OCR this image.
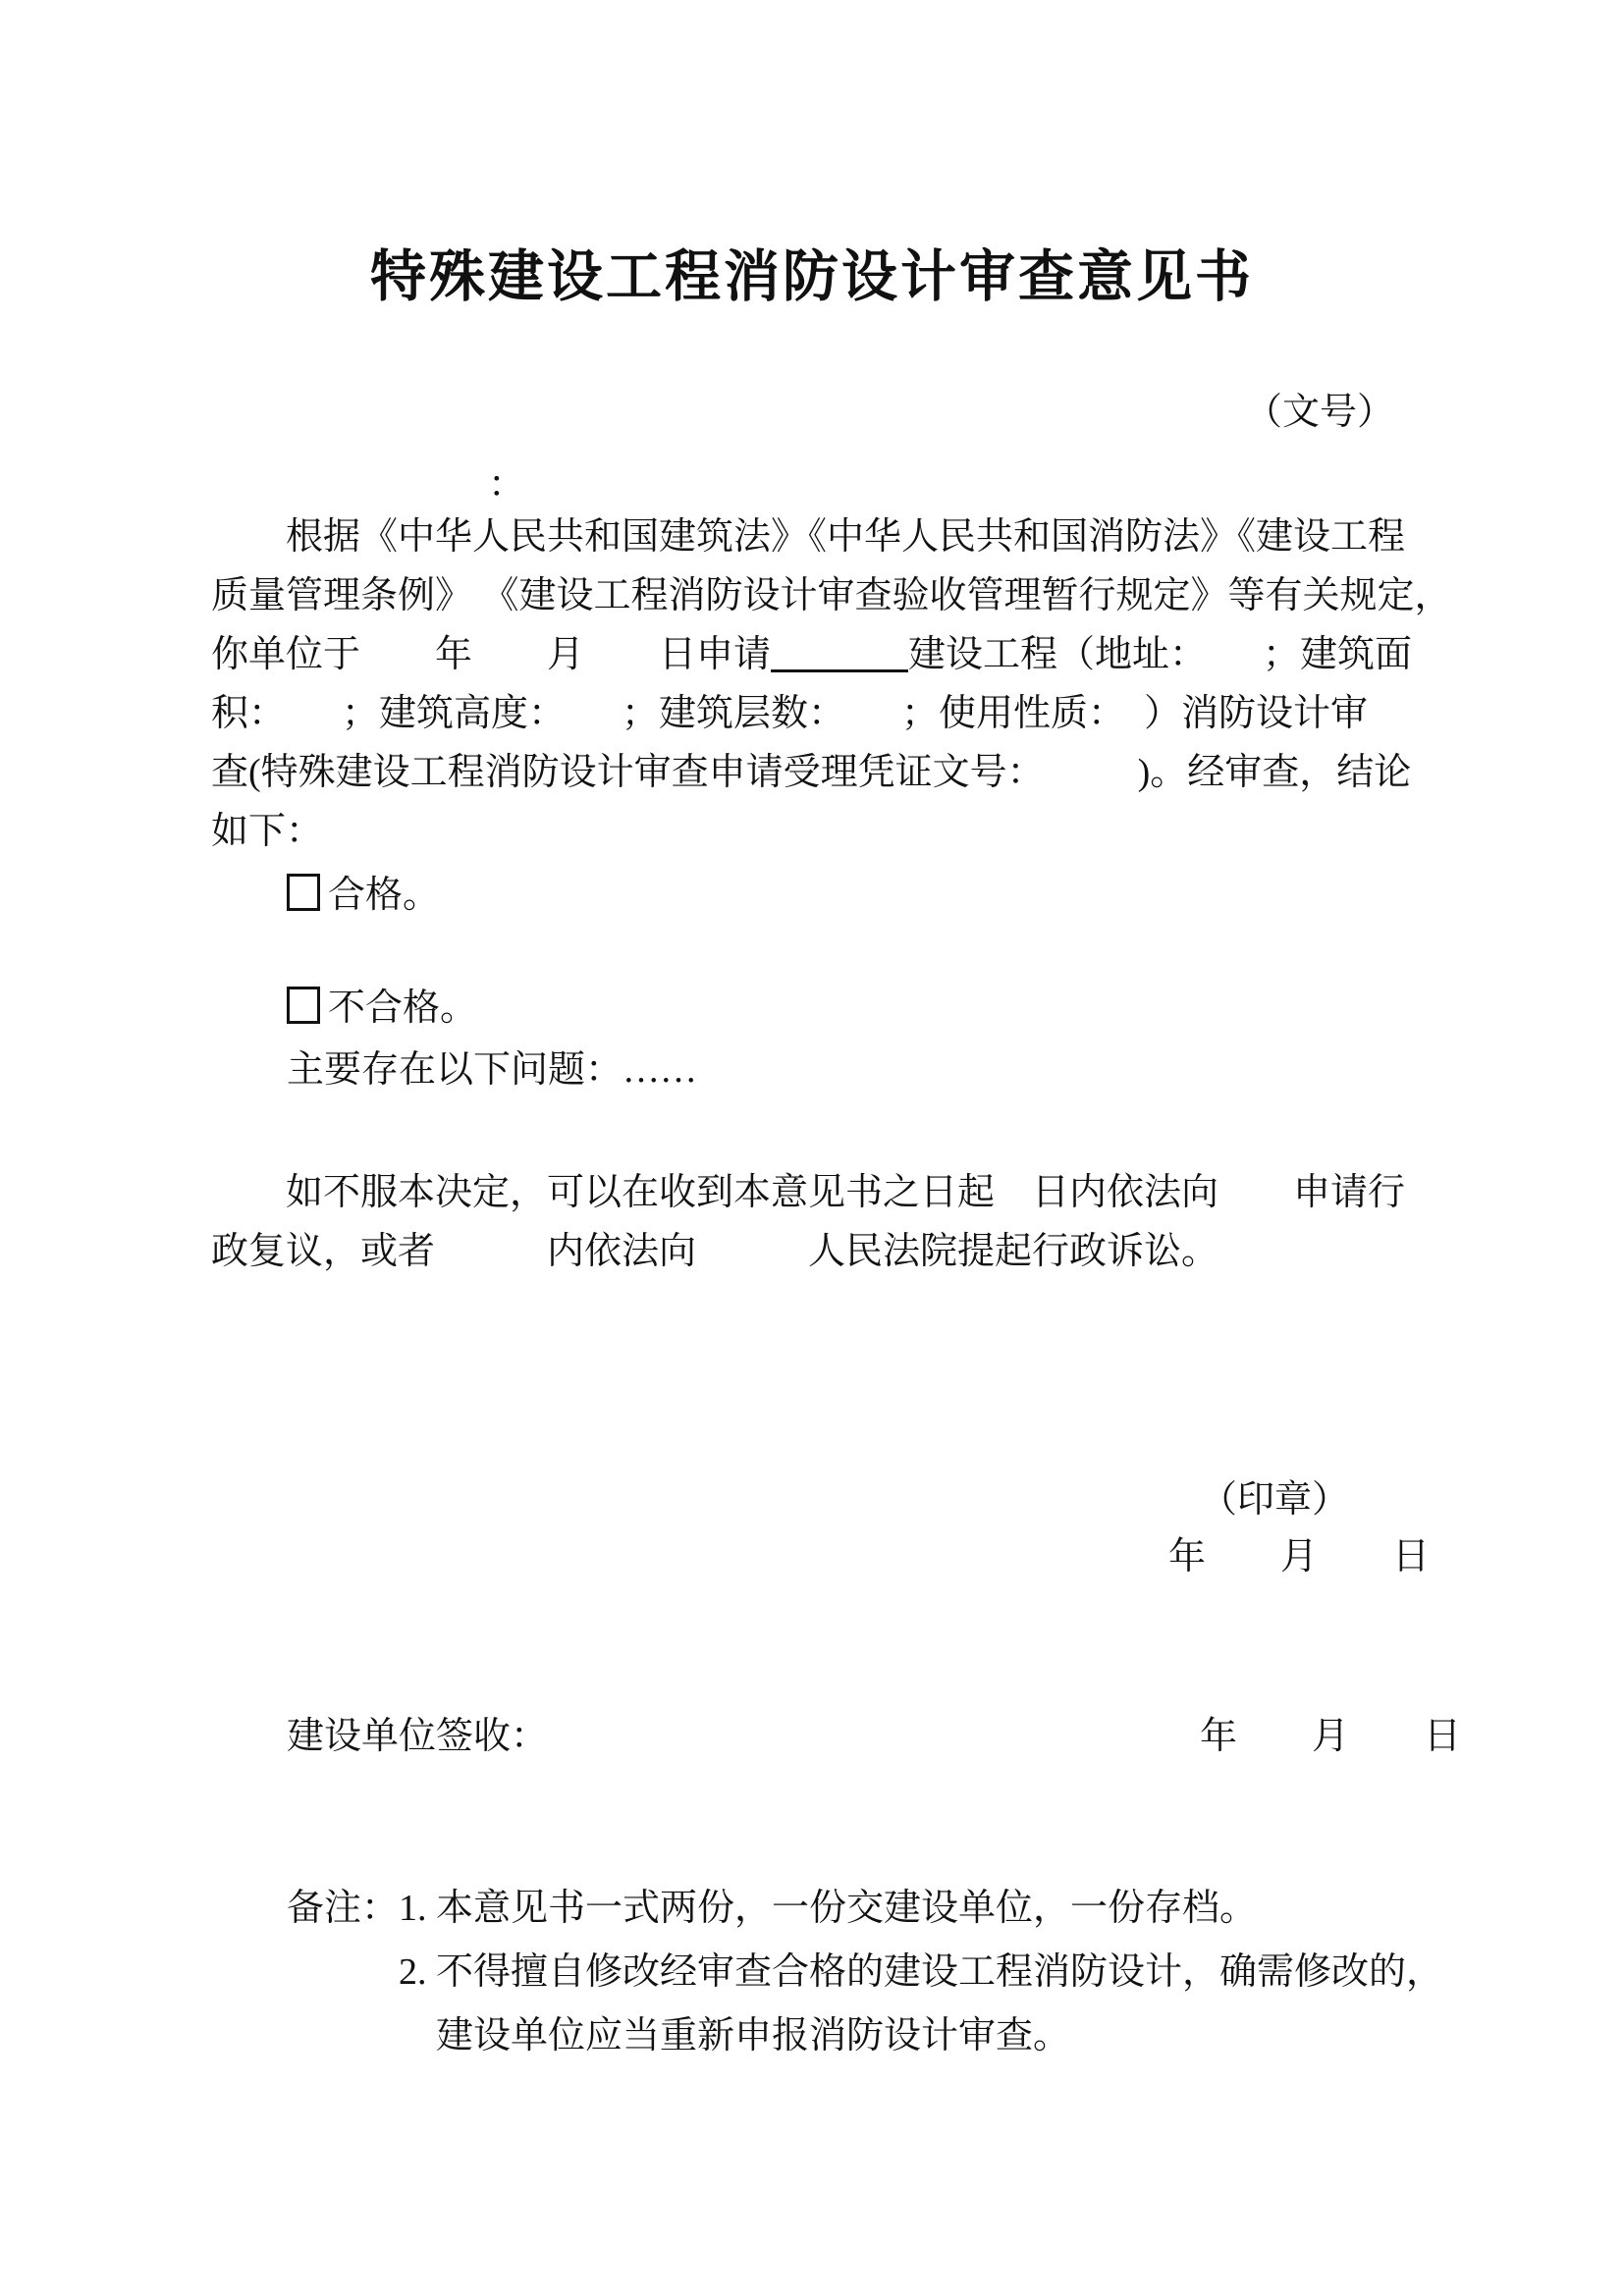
特殊建设工程消防设计审查意见书
（文号）
：
根据《中华人民共和国建筑法》《中华人民共和国消防法》《建设工程
质量管理条例》 《建设工程消防设计审查验收管理暂行规定》等有关规定，
你单位于　　年　　月　　日申请	建设工程（地址：　　；建筑面
积：　　；建筑高度：　　；建筑层数：　　；使用性质：　）消防设计审
查(特殊建设工程消防设计审查申请受理凭证文号：　　　)。经审查，结论
如下：
合格。
不合格。
主要存在以下问题：……
如不服本决定，可以在收到本意见书之日起　日内依法向　　申请行
政复议，或者　　　内依法向　　　人民法院提起行政诉讼。
（印章）
年　　月　　日
建设单位签收：	年　　月　　日
备注： 1. 本意见书一式两份，一份交建设单位，一份存档。
2. 不得擅自修改经审查合格的建设工程消防设计，确需修改的，
建设单位应当重新申报消防设计审查。
